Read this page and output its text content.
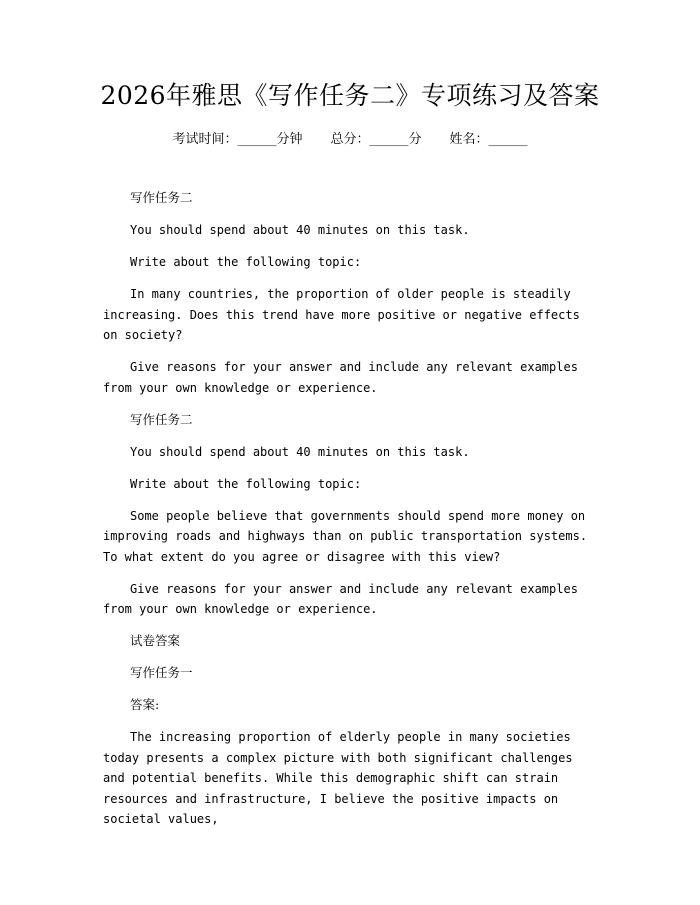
2026年雅思《写作任务二》专项练习及答案
考试时间：______分钟 总分：______分 姓名：______

写作任务二

You should spend about 40 minutes on this task.

Write about the following topic:

In many countries, the proportion of older people is steadily increasing. Does this trend have more positive or negative effects on society?

Give reasons for your answer and include any relevant examples from your own knowledge or experience.

写作任务二

You should spend about 40 minutes on this task.

Write about the following topic:

Some people believe that governments should spend more money on improving roads and highways than on public transportation systems. To what extent do you agree or disagree with this view?

Give reasons for your answer and include any relevant examples from your own knowledge or experience.

试卷答案

写作任务一

答案:

The increasing proportion of elderly people in many societies today presents a complex picture with both significant challenges and potential benefits. While this demographic shift can strain resources and infrastructure, I believe the positive impacts on societal values,
